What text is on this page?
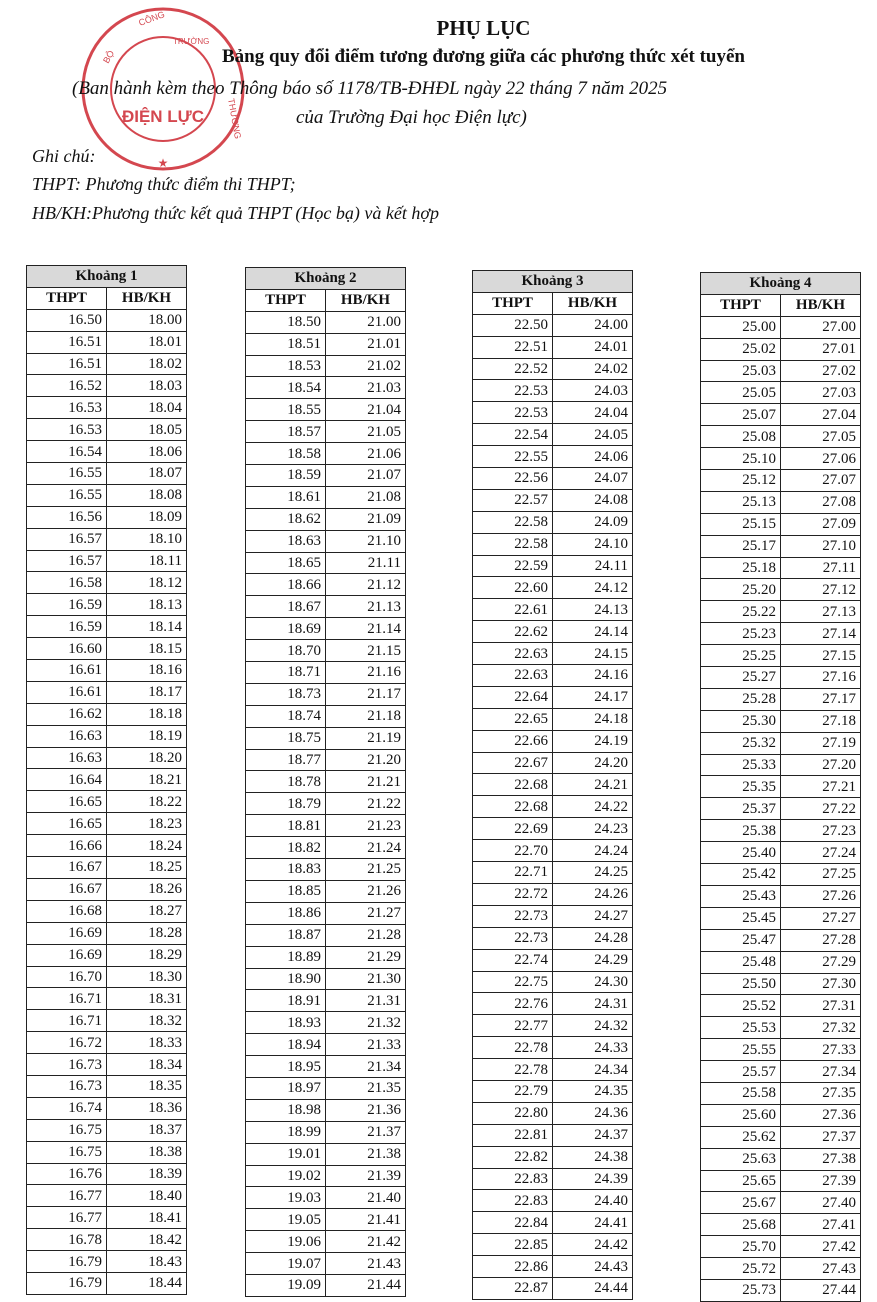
ĐIỆN LỰC
BỘ
CÔNG
TRƯỜNG
THƯƠNG
★
PHỤ LỤC
Bảng quy đổi điểm tương đương giữa các phương thức xét tuyển
(Ban hành kèm theo Thông báo số 1178/TB-ĐHĐL ngày 22 tháng 7 năm 2025
của Trường Đại học Điện lực)
Ghi chú:
THPT: Phương thức điểm thi THPT;
HB/KH:Phương thức kết quả THPT (Học bạ) và kết hợp
Khoảng 1	
THPT	HB/KH
16.50	18.00
16.51	18.01
16.51	18.02
16.52	18.03
16.53	18.04
16.53	18.05
16.54	18.06
16.55	18.07
16.55	18.08
16.56	18.09
16.57	18.10
16.57	18.11
16.58	18.12
16.59	18.13
16.59	18.14
16.60	18.15
16.61	18.16
16.61	18.17
16.62	18.18
16.63	18.19
16.63	18.20
16.64	18.21
16.65	18.22
16.65	18.23
16.66	18.24
16.67	18.25
16.67	18.26
16.68	18.27
16.69	18.28
16.69	18.29
16.70	18.30
16.71	18.31
16.71	18.32
16.72	18.33
16.73	18.34
16.73	18.35
16.74	18.36
16.75	18.37
16.75	18.38
16.76	18.39
16.77	18.40
16.77	18.41
16.78	18.42
16.79	18.43
16.79	18.44
Khoảng 2	
THPT	HB/KH
18.50	21.00
18.51	21.01
18.53	21.02
18.54	21.03
18.55	21.04
18.57	21.05
18.58	21.06
18.59	21.07
18.61	21.08
18.62	21.09
18.63	21.10
18.65	21.11
18.66	21.12
18.67	21.13
18.69	21.14
18.70	21.15
18.71	21.16
18.73	21.17
18.74	21.18
18.75	21.19
18.77	21.20
18.78	21.21
18.79	21.22
18.81	21.23
18.82	21.24
18.83	21.25
18.85	21.26
18.86	21.27
18.87	21.28
18.89	21.29
18.90	21.30
18.91	21.31
18.93	21.32
18.94	21.33
18.95	21.34
18.97	21.35
18.98	21.36
18.99	21.37
19.01	21.38
19.02	21.39
19.03	21.40
19.05	21.41
19.06	21.42
19.07	21.43
19.09	21.44
Khoảng 3	
THPT	HB/KH
22.50	24.00
22.51	24.01
22.52	24.02
22.53	24.03
22.53	24.04
22.54	24.05
22.55	24.06
22.56	24.07
22.57	24.08
22.58	24.09
22.58	24.10
22.59	24.11
22.60	24.12
22.61	24.13
22.62	24.14
22.63	24.15
22.63	24.16
22.64	24.17
22.65	24.18
22.66	24.19
22.67	24.20
22.68	24.21
22.68	24.22
22.69	24.23
22.70	24.24
22.71	24.25
22.72	24.26
22.73	24.27
22.73	24.28
22.74	24.29
22.75	24.30
22.76	24.31
22.77	24.32
22.78	24.33
22.78	24.34
22.79	24.35
22.80	24.36
22.81	24.37
22.82	24.38
22.83	24.39
22.83	24.40
22.84	24.41
22.85	24.42
22.86	24.43
22.87	24.44
Khoảng 4	
THPT	HB/KH
25.00	27.00
25.02	27.01
25.03	27.02
25.05	27.03
25.07	27.04
25.08	27.05
25.10	27.06
25.12	27.07
25.13	27.08
25.15	27.09
25.17	27.10
25.18	27.11
25.20	27.12
25.22	27.13
25.23	27.14
25.25	27.15
25.27	27.16
25.28	27.17
25.30	27.18
25.32	27.19
25.33	27.20
25.35	27.21
25.37	27.22
25.38	27.23
25.40	27.24
25.42	27.25
25.43	27.26
25.45	27.27
25.47	27.28
25.48	27.29
25.50	27.30
25.52	27.31
25.53	27.32
25.55	27.33
25.57	27.34
25.58	27.35
25.60	27.36
25.62	27.37
25.63	27.38
25.65	27.39
25.67	27.40
25.68	27.41
25.70	27.42
25.72	27.43
25.73	27.44
